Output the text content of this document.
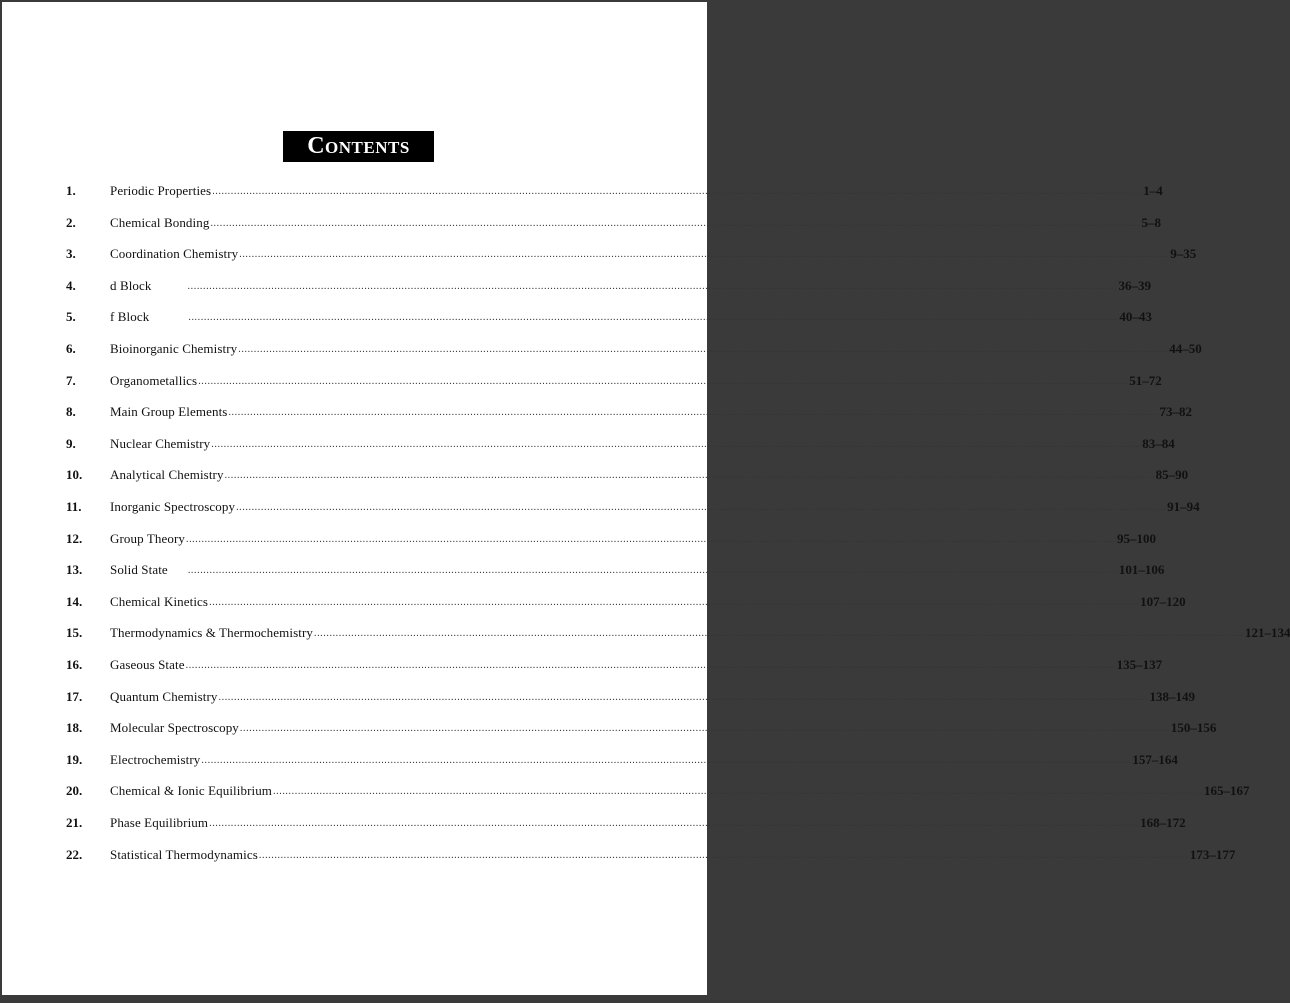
Contents
1.	Periodic Properties ............................................................................................................................................................................................................................................................................................................ 1–4
2.	Chemical Bonding ............................................................................................................................................................................................................................................................................................................ 5–8
3.	Coordination Chemistry ............................................................................................................................................................................................................................................................................................................ 9–35
4.	d Block	............................................................................................................................................................................................................................................................................................................ 36–39
5.	f Block	............................................................................................................................................................................................................................................................................................................ 40–43
6.	Bioinorganic Chemistry ............................................................................................................................................................................................................................................................................................................ 44–50
7.	Organometallics ............................................................................................................................................................................................................................................................................................................ 51–72
8.	Main Group Elements ............................................................................................................................................................................................................................................................................................................ 73–82
9.	Nuclear Chemistry ............................................................................................................................................................................................................................................................................................................ 83–84
10. Analytical Chemistry ............................................................................................................................................................................................................................................................................................................ 85–90
11. Inorganic Spectroscopy ............................................................................................................................................................................................................................................................................................................ 91–94
12. Group Theory ............................................................................................................................................................................................................................................................................................................ 95–100
13. Solid State ............................................................................................................................................................................................................................................................................................................ 101–106
14. Chemical Kinetics ............................................................................................................................................................................................................................................................................................................ 107–120
15. Thermodynamics & Thermochemistry ............................................................................................................................................................................................................................................................................................................ 121–134
16. Gaseous State ............................................................................................................................................................................................................................................................................................................ 135–137
17. Quantum Chemistry ............................................................................................................................................................................................................................................................................................................ 138–149
18. Molecular Spectroscopy ............................................................................................................................................................................................................................................................................................................ 150–156
19. Electrochemistry ............................................................................................................................................................................................................................................................................................................ 157–164
20. Chemical & Ionic Equilibrium ............................................................................................................................................................................................................................................................................................................ 165–167
21. Phase Equilibrium ............................................................................................................................................................................................................................................................................................................ 168–172
22. Statistical Thermodynamics ............................................................................................................................................................................................................................................................................................................ 173–177
